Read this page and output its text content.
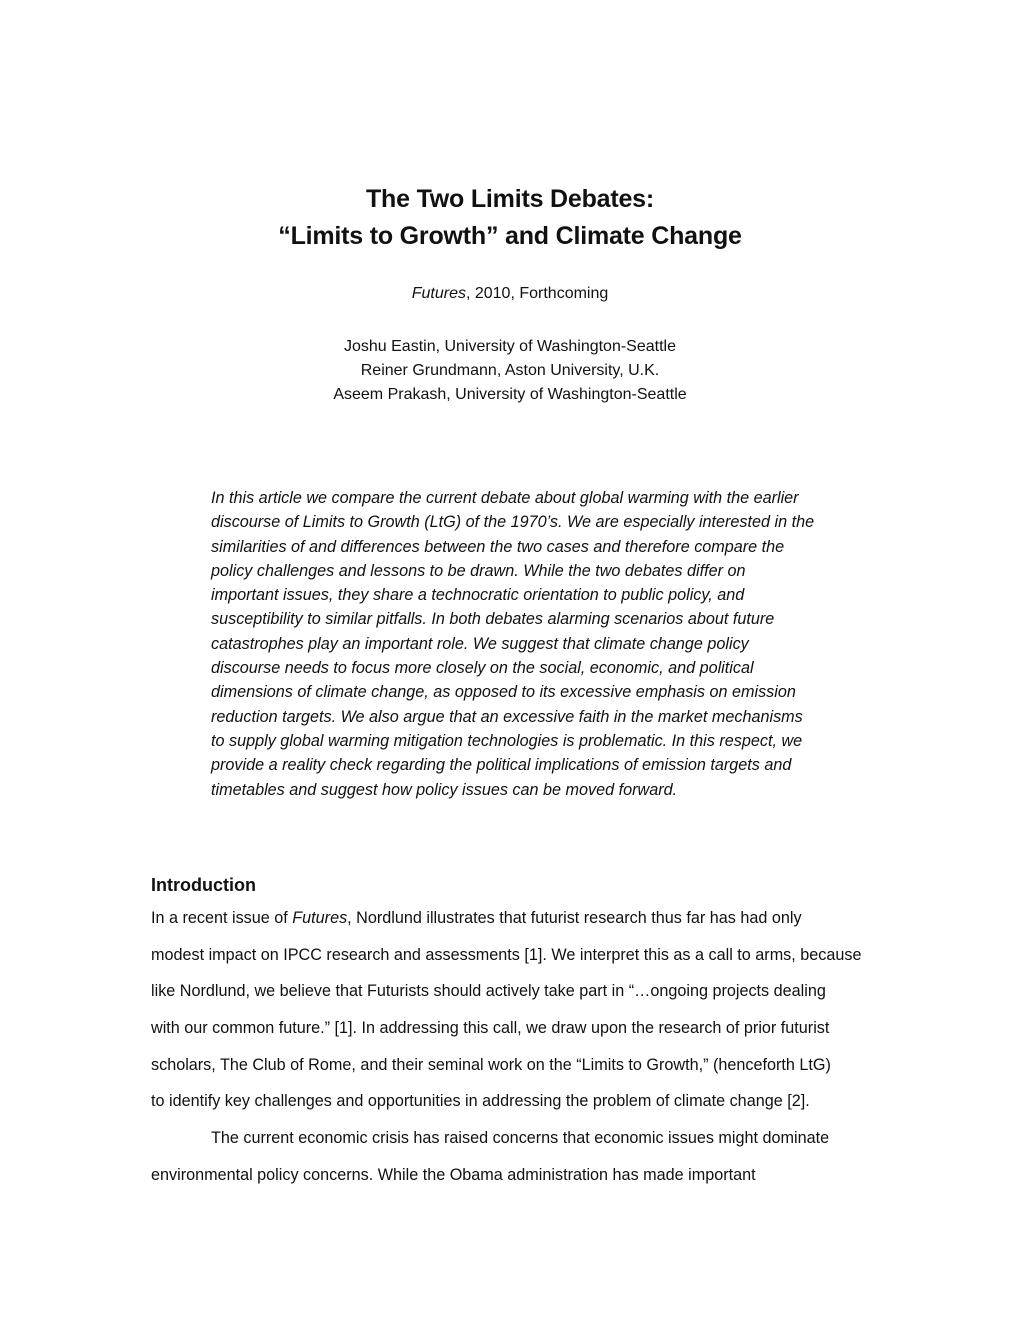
The Two Limits Debates:
“Limits to Growth” and Climate Change
Futures, 2010, Forthcoming
Joshu Eastin, University of Washington-Seattle
Reiner Grundmann, Aston University, U.K.
Aseem Prakash, University of Washington-Seattle
In this article we compare the current debate about global warming with the earlier
discourse of Limits to Growth (LtG) of the 1970’s. We are especially interested in the
similarities of and differences between the two cases and therefore compare the
policy challenges and lessons to be drawn. While the two debates differ on
important issues, they share a technocratic orientation to public policy, and
susceptibility to similar pitfalls. In both debates alarming scenarios about future
catastrophes play an important role. We suggest that climate change policy
discourse needs to focus more closely on the social, economic, and political
dimensions of climate change, as opposed to its excessive emphasis on emission
reduction targets. We also argue that an excessive faith in the market mechanisms
to supply global warming mitigation technologies is problematic. In this respect, we
provide a reality check regarding the political implications of emission targets and
timetables and suggest how policy issues can be moved forward.
Introduction
In a recent issue of Futures, Nordlund illustrates that futurist research thus far has had only
modest impact on IPCC research and assessments [1]. We interpret this as a call to arms, because
like Nordlund, we believe that Futurists should actively take part in “…ongoing projects dealing
with our common future.” [1]. In addressing this call, we draw upon the research of prior futurist
scholars, The Club of Rome, and their seminal work on the “Limits to Growth,” (henceforth LtG)
to identify key challenges and opportunities in addressing the problem of climate change [2].
The current economic crisis has raised concerns that economic issues might dominate
environmental policy concerns. While the Obama administration has made important
